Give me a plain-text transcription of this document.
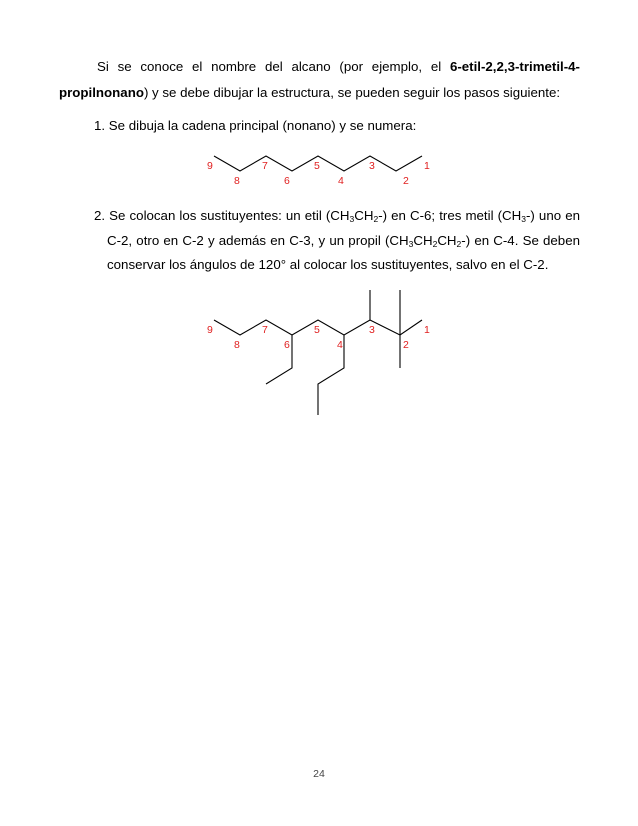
Si se conoce el nombre del alcano (por ejemplo, el 6-etil-2,2,3-trimetil-4-propilnonano) y se debe dibujar la estructura, se pueden seguir los pasos siguiente:

1. Se dibuja la cadena principal (nonano) y se numera:

9
8
7
6
5
4
3
2
1
9
8
7
6
5
4
3
2
1

2. Se colocan los sustituyentes: un etil $(CH_3CH_2-)$ en C-6; tres metil $(CH_3-)$ uno en C-2, otro en C-2 y además en C-3, y un propil $(CH_3CH_2CH_2-)$ en C-4. Se deben conservar los ángulos de 120° al colocar los sustituyentes, salvo en el C-2.

24
